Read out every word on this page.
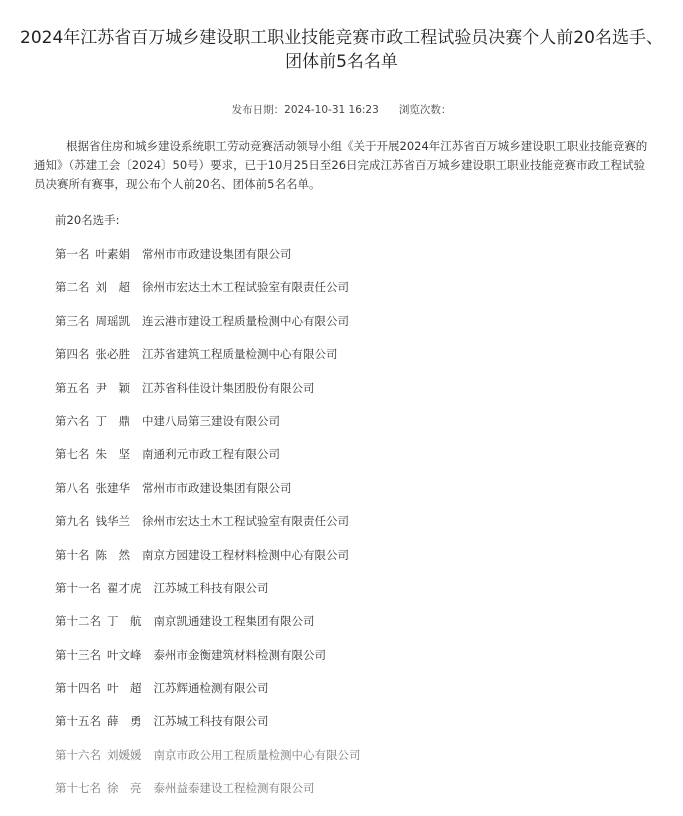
2024年江苏省百万城乡建设职工职业技能竞赛市政工程试验员决赛个人前20名选手、
团体前5名名单
发布日期：2024-10-31 16:23 浏览次数：

根据省住房和城乡建设系统职工劳动竞赛活动领导小组《关于开展2024年江苏省百万城乡建设职工职业技能竞赛的通知》（苏建工会〔2024〕50号）要求，已于10月25日至26日完成江苏省百万城乡建设职工职业技能竞赛市政工程试验员决赛所有赛事，现公布个人前20名、团体前5名名单。

前20名选手:
第一名 叶素娟 常州市市政建设集团有限公司
第二名 刘　超 徐州市宏达土木工程试验室有限责任公司
第三名 周瑶凯 连云港市建设工程质量检测中心有限公司
第四名 张必胜 江苏省建筑工程质量检测中心有限公司
第五名 尹　颖 江苏省科佳设计集团股份有限公司
第六名 丁　鼎 中建八局第三建设有限公司
第七名 朱　坚 南通利元市政工程有限公司
第八名 张建华 常州市市政建设集团有限公司
第九名 钱华兰 徐州市宏达土木工程试验室有限责任公司
第十名 陈　然 南京方园建设工程材料检测中心有限公司
第十一名 翟才虎 江苏城工科技有限公司
第十二名 丁　航 南京凯通建设工程集团有限公司
第十三名 叶文峰 泰州市金衡建筑材料检测有限公司
第十四名 叶　超 江苏辉通检测有限公司
第十五名 薛　勇 江苏城工科技有限公司
第十六名 刘媛媛 南京市政公用工程质量检测中心有限公司
第十七名 徐　亮 泰州益泰建设工程检测有限公司
